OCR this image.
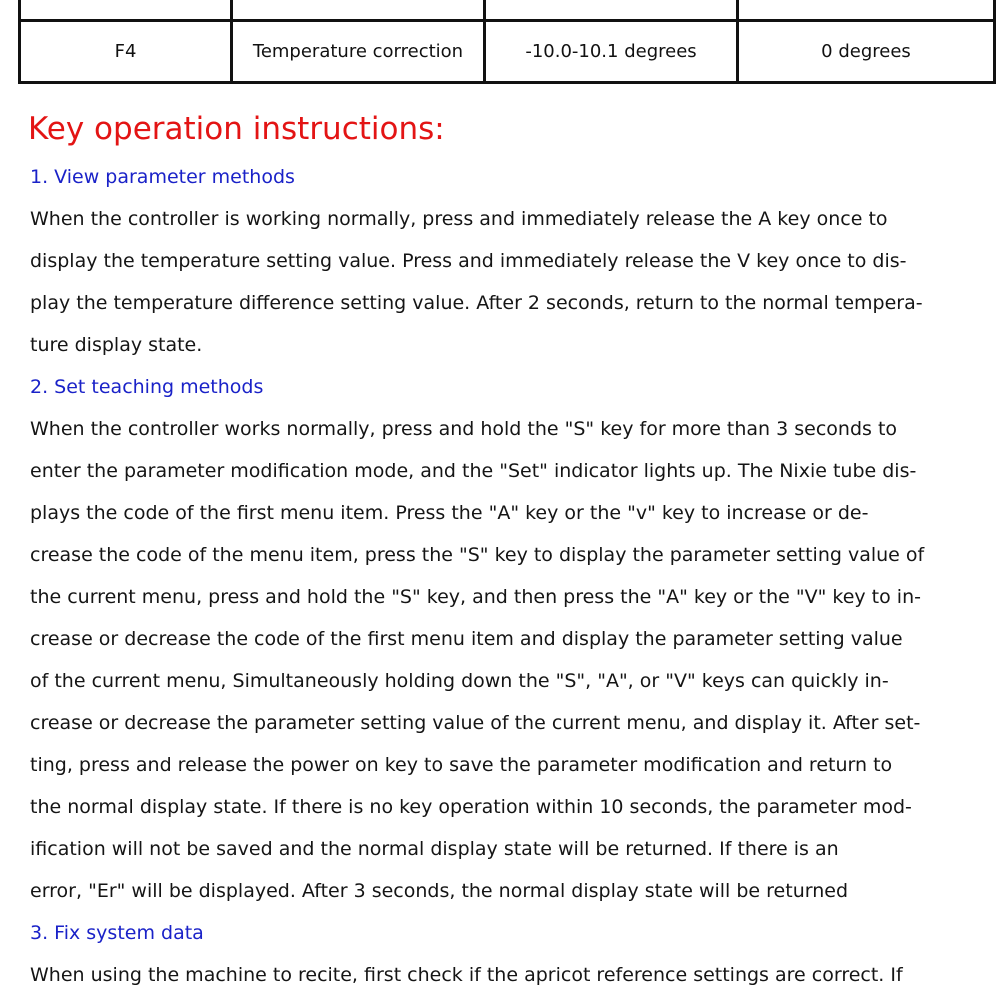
F4	Temperature correction	-10.0-10.1 degrees	0 degrees
Key operation instructions:
1. View parameter methods
When the controller is working normally, press and immediately release the A key once to
display the temperature setting value. Press and immediately release the V key once to dis-
play the temperature difference setting value. After 2 seconds, return to the normal tempera-
ture display state.
2. Set teaching methods
When the controller works normally, press and hold the "S" key for more than 3 seconds to
enter the parameter modification mode, and the "Set" indicator lights up. The Nixie tube dis-
plays the code of the first menu item. Press the "A" key or the "v" key to increase or de-
crease the code of the menu item, press the "S" key to display the parameter setting value of
the current menu, press and hold the "S" key, and then press the "A" key or the "V" key to in-
crease or decrease the code of the first menu item and display the parameter setting value
of the current menu, Simultaneously holding down the "S", "A", or "V" keys can quickly in-
crease or decrease the parameter setting value of the current menu, and display it. After set-
ting, press and release the power on key to save the parameter modification and return to
the normal display state. If there is no key operation within 10 seconds, the parameter mod-
ification will not be saved and the normal display state will be returned. If there is an
error, "Er" will be displayed. After 3 seconds, the normal display state will be returned
3. Fix system data
When using the machine to recite, first check if the apricot reference settings are correct. If
